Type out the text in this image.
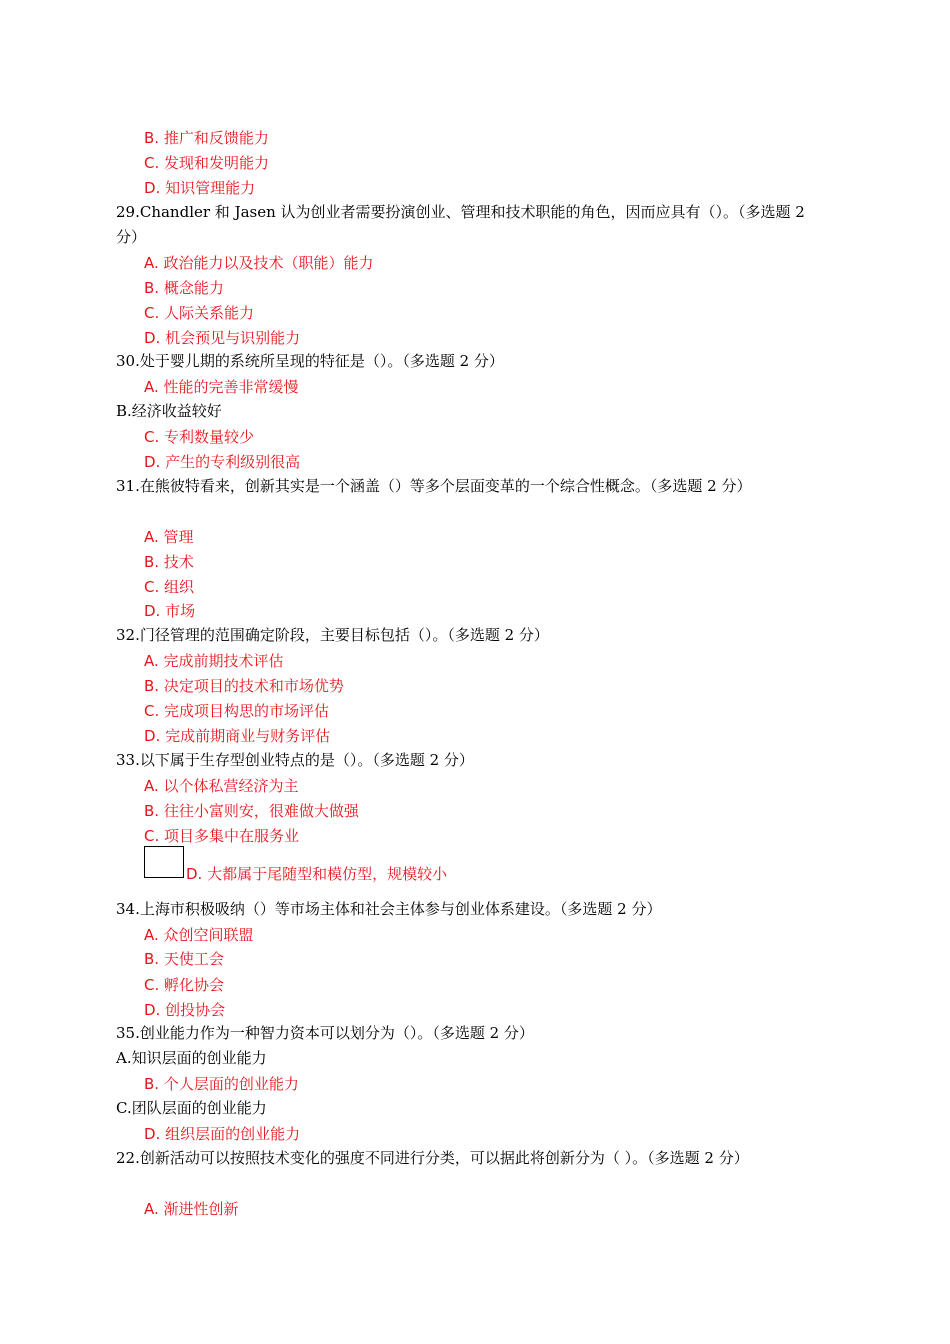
B. 推广和反馈能力
C. 发现和发明能力
D. 知识管理能力
29.Chandler 和 Jasen 认为创业者需要扮演创业、管理和技术职能的角色，因而应具有（）。（多选题 2 分）
A. 政治能力以及技术（职能）能力
B. 概念能力
C. 人际关系能力
D. 机会预见与识别能力
30.处于婴儿期的系统所呈现的特征是（）。（多选题 2 分）
A. 性能的完善非常缓慢
B.经济收益较好
C. 专利数量较少
D. 产生的专利级别很高
31.在熊彼特看来，创新其实是一个涵盖（）等多个层面变革的一个综合性概念。（多选题 2 分）
A. 管理
B. 技术
C. 组织
D. 市场
32.门径管理的范围确定阶段，主要目标包括（）。（多选题 2 分）
A. 完成前期技术评估
B. 决定项目的技术和市场优势
C. 完成项目构思的市场评估
D. 完成前期商业与财务评估
33.以下属于生存型创业特点的是（）。（多选题 2 分）
A. 以个体私营经济为主
B. 往往小富则安，很难做大做强
C. 项目多集中在服务业
D. 大都属于尾随型和模仿型，规模较小
34.上海市积极吸纳（）等市场主体和社会主体参与创业体系建设。（多选题 2 分）
A. 众创空间联盟
B. 天使工会
C. 孵化协会
D. 创投协会
35.创业能力作为一种智力资本可以划分为（）。（多选题 2 分）
A.知识层面的创业能力
B. 个人层面的创业能力
C.团队层面的创业能力
D. 组织层面的创业能力
22.创新活动可以按照技术变化的强度不同进行分类，可以据此将创新分为（ ）。（多选题 2 分）
A. 渐进性创新
